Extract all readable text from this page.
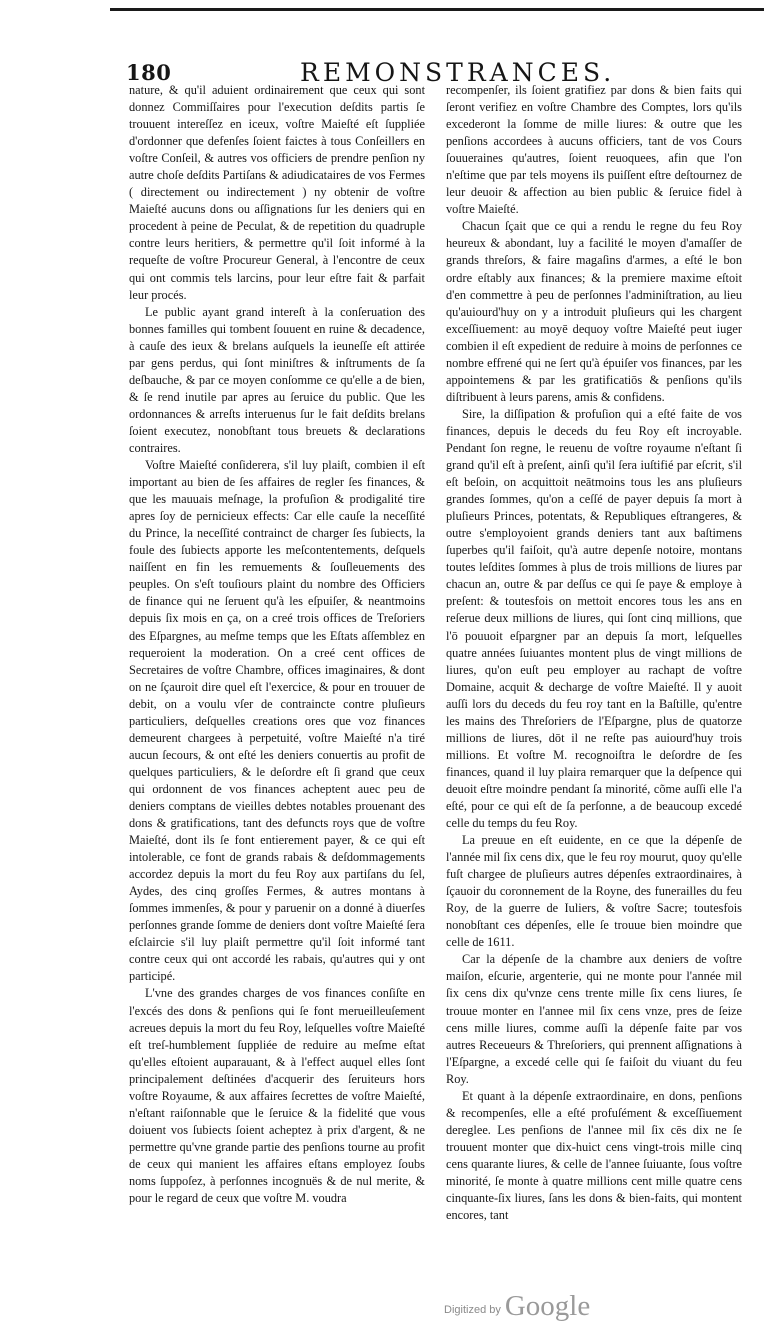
180	REMONSTRANCES.

nature, & qu'il aduient ordinairement que ceux qui sont donnez Commiſſaires pour l'execution deſdits partis ſe trouuent intereſſez en iceux, voſtre Maieſté eſt ſuppliée d'ordonner que defenſes ſoient faictes à tous Conſeillers en voſtre Conſeil, & autres vos officiers de prendre penſion ny autre choſe deſdits Partiſans & adiudicataires de vos Fermes ( directement ou indirectement ) ny obtenir de voſtre Maieſté aucuns dons ou aſſignations ſur les deniers qui en procedent à peine de Peculat, & de repetition du quadruple contre leurs heritiers, & permettre qu'il ſoit informé à la requeſte de voſtre Procureur General, à l'encontre de ceux qui ont commis tels larcins, pour leur eſtre fait & parfait leur procés.

Le public ayant grand intereſt à la conſeruation des bonnes familles qui tombent ſouuent en ruine & decadence, à cauſe des ieux & brelans auſquels la ieuneſſe eſt attirée par gens perdus, qui ſont miniſtres & inſtruments de ſa deſbauche, & par ce moyen conſomme ce qu'elle a de bien, & ſe rend inutile par apres au ſeruice du public. Que les ordonnances & arreſts interuenus ſur le fait deſdits brelans ſoient executez, nonobſtant tous breuets & declarations contraires.

Voſtre Maieſté conſiderera, s'il luy plaiſt, combien il eſt important au bien de ſes affaires de regler ſes finances, & que les mauuais meſnage, la profuſion & prodigalité tire apres ſoy de pernicieux effects: Car elle cauſe la neceſſité du Prince, la neceſſité contrainct de charger ſes ſubiects, la foule des ſubiects apporte les meſcontentements, deſquels naiſſent en fin les remuements & ſouſleuements des peuples. On s'eſt touſiours plaint du nombre des Officiers de finance qui ne ſeruent qu'à les eſpuiſer, & neantmoins depuis ſix mois en ça, on a creé trois offices de Treſoriers des Eſpargnes, au meſme temps que les Eſtats aſſemblez en requeroient la moderation. On a creé cent offices de Secretaires de voſtre Chambre, offices imaginaires, & dont on ne ſçauroit dire quel eſt l'exercice, & pour en trouuer de debit, on a voulu vſer de contraincte contre pluſieurs particuliers, deſquelles creations ores que voz finances demeurent chargees à perpetuité, voſtre Maieſté n'a tiré aucun ſecours, & ont eſté les deniers conuertis au profit de quelques particuliers, & le deſordre eſt ſi grand que ceux qui ordonnent de vos finances acheptent auec peu de deniers comptans de vieilles debtes notables prouenant des dons & gratifications, tant des defuncts roys que de voſtre Maieſté, dont ils ſe font entierement payer, & ce qui eſt intolerable, ce font de grands rabais & deſdommagements accordez depuis la mort du feu Roy aux partiſans du ſel, Aydes, des cinq groſſes Fermes, & autres montans à ſommes immenſes, & pour y paruenir on a donné à diuerſes perſonnes grande ſomme de deniers dont voſtre Maieſté ſera eſclaircie s'il luy plaiſt permettre qu'il ſoit informé tant contre ceux qui ont accordé les rabais, qu'autres qui y ont participé.

L'vne des grandes charges de vos finances conſiſte en l'excés des dons & penſions qui ſe font merueilleuſement acreues depuis la mort du feu Roy, leſquelles voſtre Maieſté eſt treſ-humblement ſuppliée de reduire au meſme eſtat qu'elles eſtoient auparauant, & à l'effect auquel elles ſont principalement deſtinées d'acquerir des ſeruiteurs hors voſtre Royaume, & aux affaires ſecrettes de voſtre Maieſté, n'eſtant raiſonnable que le ſeruice & la fidelité que vous doiuent vos ſubiects ſoient acheptez à prix d'argent, & ne permettre qu'vne grande partie des penſions tourne au profit de ceux qui manient les affaires eſtans employez ſoubs noms ſuppoſez, à perſonnes incognuës & de nul merite, & pour le regard de ceux que voſtre M. voudra

recompenſer, ils ſoient gratifiez par dons & bien faits qui ſeront verifiez en voſtre Chambre des Comptes, lors qu'ils excederont la ſomme de mille liures: & outre que les penſions accordees à aucuns officiers, tant de vos Cours ſouueraines qu'autres, ſoient reuoquees, afin que l'on n'eſtime que par tels moyens ils puiſſent eſtre deſtournez de leur deuoir & affection au bien public & ſeruice fidel à voſtre Maieſté.

Chacun ſçait que ce qui a rendu le regne du feu Roy heureux & abondant, luy a facilité le moyen d'amaſſer de grands threſors, & faire magaſins d'armes, a eſté le bon ordre eſtably aux finances; & la premiere maxime eſtoit d'en commettre à peu de perſonnes l'adminiſtration, au lieu qu'auiourd'huy on y a introduit pluſieurs qui les chargent exceſſiuement: au moyē dequoy voſtre Maieſté peut iuger combien il eſt expedient de reduire à moins de perſonnes ce nombre effrené qui ne ſert qu'à épuiſer vos finances, par les appointemens & par les gratificatiōs & penſions qu'ils diſtribuent à leurs parens, amis & confidens.

Sire, la diſſipation & profuſion qui a eſté faite de vos finances, depuis le deceds du feu Roy eſt incroyable. Pendant ſon regne, le reuenu de voſtre royaume n'eſtant ſi grand qu'il eſt à preſent, ainſi qu'il ſera iuſtifié par eſcrit, s'il eſt beſoin, on acquittoit neātmoins tous les ans pluſieurs grandes ſommes, qu'on a ceſſé de payer depuis ſa mort à pluſieurs Princes, potentats, & Republiques eſtrangeres, & outre s'employoient grands deniers tant aux baſtimens ſuperbes qu'il faiſoit, qu'à autre depenſe notoire, montans toutes leſdites ſommes à plus de trois millions de liures par chacun an, outre & par deſſus ce qui ſe paye & employe à preſent: & toutesfois on mettoit encores tous les ans en reſerue deux millions de liures, qui ſont cinq millions, que l'ō pouuoit eſpargner par an depuis ſa mort, leſquelles quatre années ſuiuantes montent plus de vingt millions de liures, qu'on euſt peu employer au rachapt de voſtre Domaine, acquit & decharge de voſtre Maieſté. Il y auoit auſſi lors du deceds du feu roy tant en la Baſtille, qu'entre les mains des Threſoriers de l'Eſpargne, plus de quatorze millions de liures, dōt il ne reſte pas auiourd'huy trois millions. Et voſtre M. recognoiſtra le deſordre de ſes finances, quand il luy plaira remarquer que la deſpence qui deuoit eſtre moindre pendant ſa minorité, cõme auſſi elle l'a eſté, pour ce qui eſt de ſa perſonne, a de beaucoup excedé celle du temps du feu Roy.

La preuue en eſt euidente, en ce que la dépenſe de l'année mil ſix cens dix, que le feu roy mourut, quoy qu'elle fuſt chargee de pluſieurs autres dépenſes extraordinaires, à ſçauoir du coronnement de la Royne, des funerailles du feu Roy, de la guerre de Iuliers, & voſtre Sacre; toutesfois nonobſtant ces dépenſes, elle ſe trouue bien moindre que celle de 1611.

Car la dépenſe de la chambre aux deniers de voſtre maiſon, eſcurie, argenterie, qui ne monte pour l'année mil ſix cens dix qu'vnze cens trente mille ſix cens liures, ſe trouue monter en l'annee mil ſix cens vnze, pres de ſeize cens mille liures, comme auſſi la dépenſe faite par vos autres Receueurs & Threſoriers, qui prennent aſſignations à l'Eſpargne, a excedé celle qui ſe faiſoit du viuant du feu Roy.

Et quant à la dépenſe extraordinaire, en dons, penſions & recompenſes, elle a eſté profuſément & exceſſiuement dereglee. Les penſions de l'annee mil ſix cēs dix ne ſe trouuent monter que dix-huict cens vingt-trois mille cinq cens quarante liures, & celle de l'annee ſuiuante, ſous voſtre minorité, ſe monte à quatre millions cent mille quatre cens cinquante-ſix liures, ſans les dons & bien-faits, qui montent encores, tant

Digitized by Google
